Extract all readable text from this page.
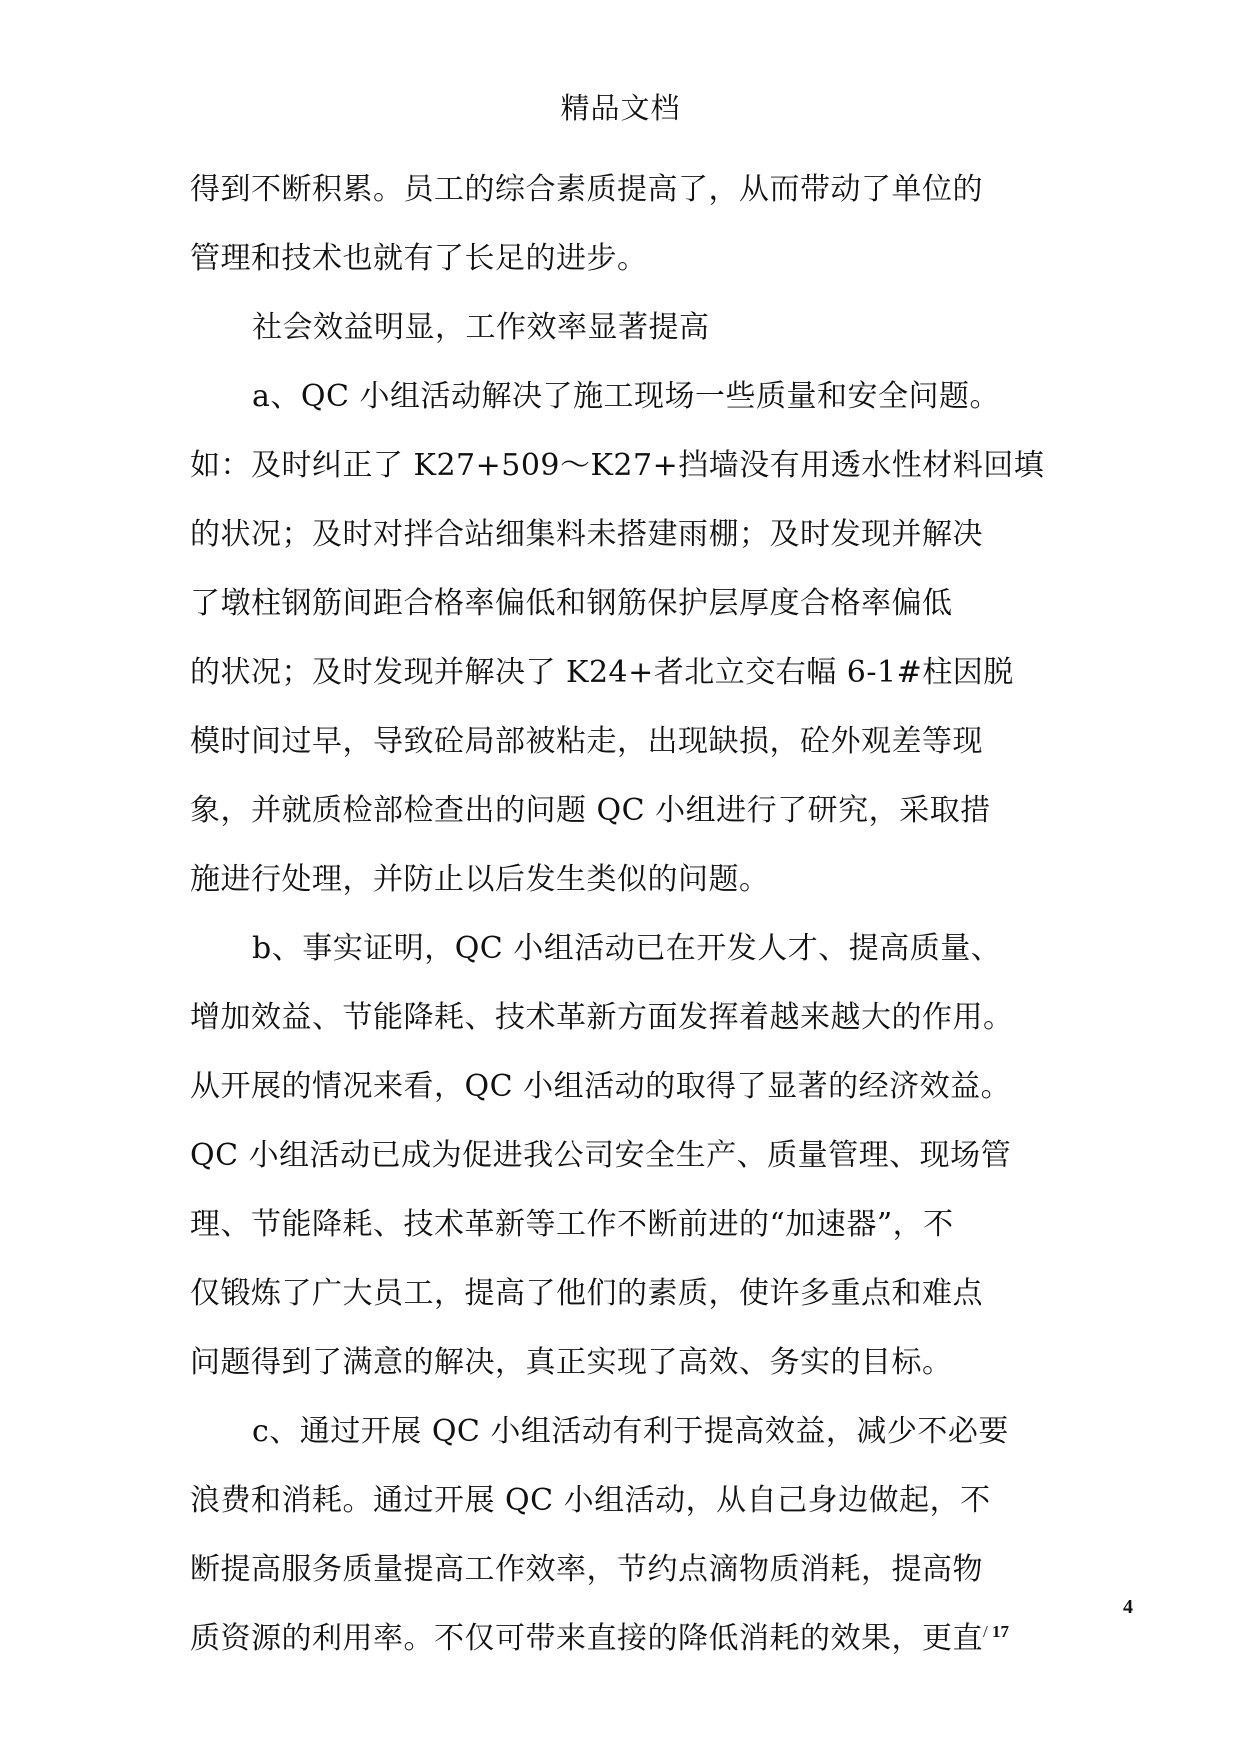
精品文档
得到不断积累。员工的综合素质提高了，从而带动了单位的
管理和技术也就有了长足的进步。
社会效益明显，工作效率显著提高
a、QC 小组活动解决了施工现场一些质量和安全问题。
如：及时纠正了 K27+509～K27+挡墙没有用透水性材料回填
的状况；及时对拌合站细集料未搭建雨棚；及时发现并解决
了墩柱钢筋间距合格率偏低和钢筋保护层厚度合格率偏低
的状况；及时发现并解决了 K24+者北立交右幅 6-1#柱因脱
模时间过早，导致砼局部被粘走，出现缺损，砼外观差等现
象，并就质检部检查出的问题 QC 小组进行了研究，采取措
施进行处理，并防止以后发生类似的问题。
b、事实证明，QC 小组活动已在开发人才、提高质量、
增加效益、节能降耗、技术革新方面发挥着越来越大的作用。
从开展的情况来看，QC 小组活动的取得了显著的经济效益。
QC 小组活动已成为促进我公司安全生产、质量管理、现场管
理、节能降耗、技术革新等工作不断前进的“加速器”，不
仅锻炼了广大员工，提高了他们的素质，使许多重点和难点
问题得到了满意的解决，真正实现了高效、务实的目标。
c、通过开展 QC 小组活动有利于提高效益，减少不必要
浪费和消耗。通过开展 QC 小组活动，从自己身边做起，不
断提高服务质量提高工作效率，节约点滴物质消耗，提高物
质资源的利用率。不仅可带来直接的降低消耗的效果，更直
4
/ 17
